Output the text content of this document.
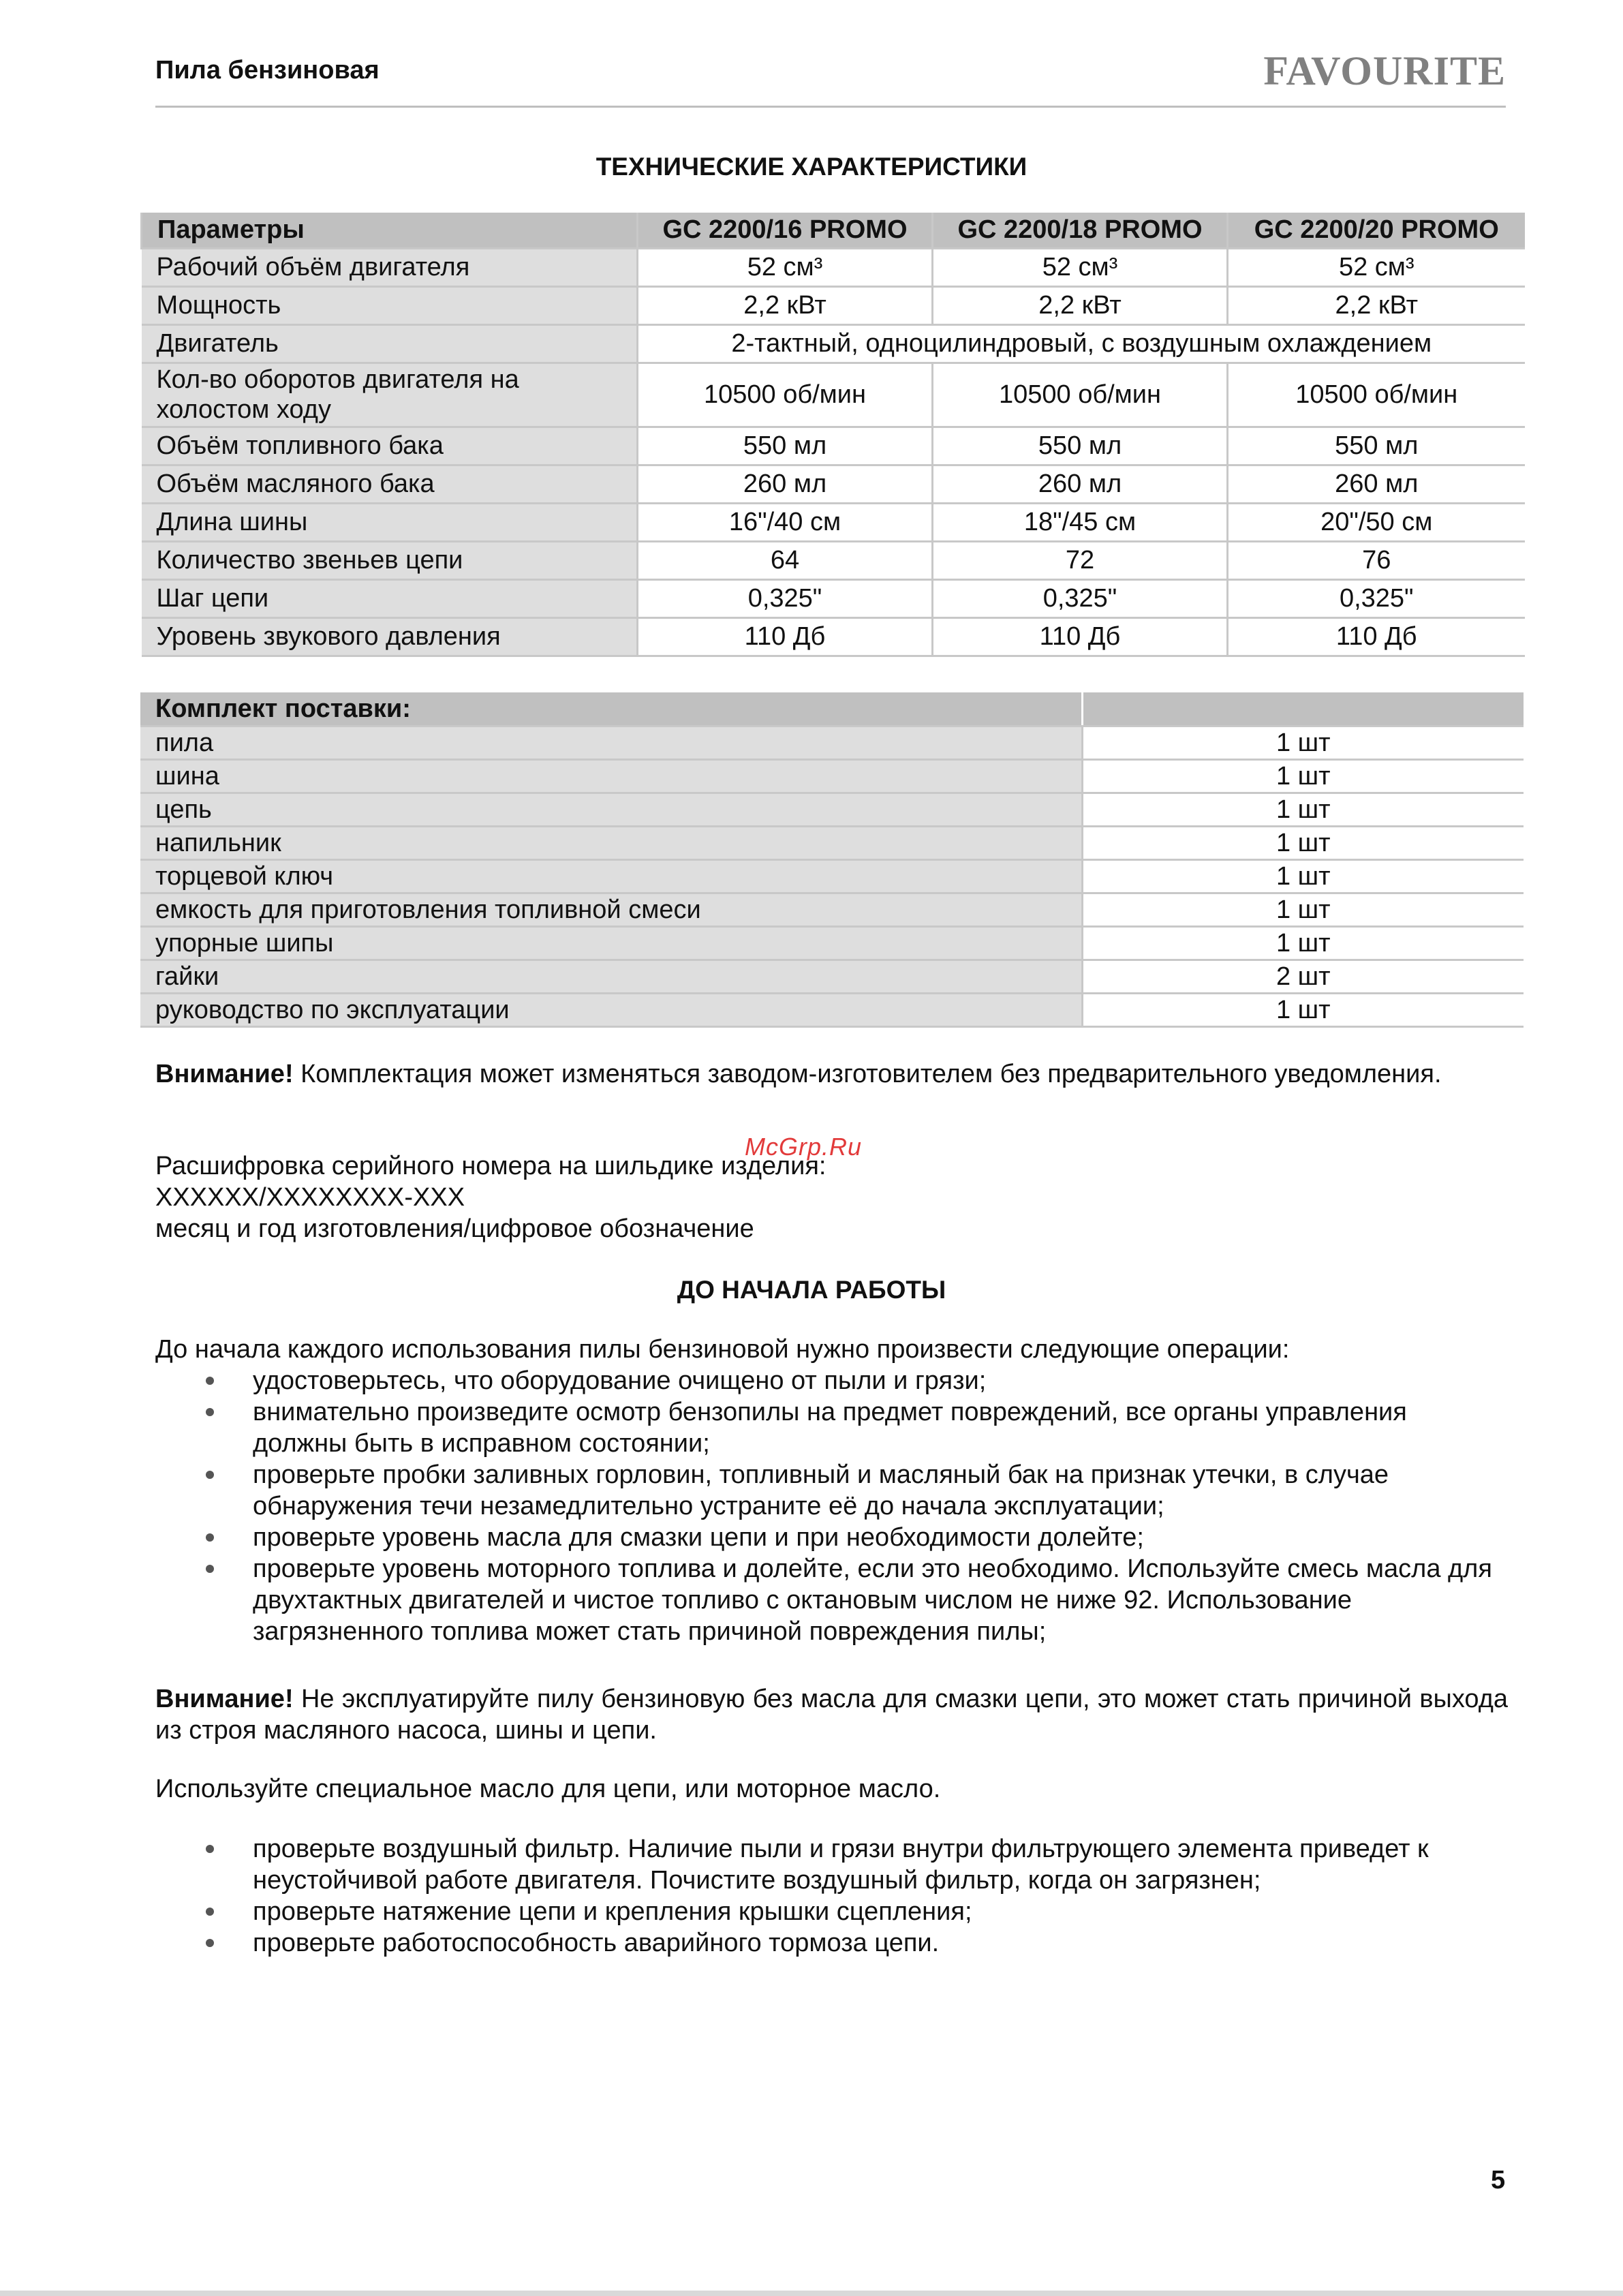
Пила бензиновая	FAVOURITE
ТЕХНИЧЕСКИЕ ХАРАКТЕРИСТИКИ
Параметры	GC 2200/16 PROMO	GC 2200/18 PROMO	GC 2200/20 PROMO
Рабочий объём двигателя	52 см³	52 см³	52 см³
Мощность	2,2 кВт	2,2 кВт	2,2 кВт
Двигатель	2-тактный, одноцилиндровый, с воздушным охлаждением		
Кол-во оборотов двигателя на холостом ходу	10500 об/мин	10500 об/мин	10500 об/мин
Объём топливного бака	550 мл	550 мл	550 мл
Объём масляного бака	260 мл	260 мл	260 мл
Длина шины	16"/40 см	18"/45 см	20"/50 см
Количество звеньев цепи	64	72	76
Шаг цепи	0,325"	0,325"	0,325"
Уровень звукового давления	110 Дб	110 Дб	110 Дб
Комплект поставки:	
пила	1 шт
шина	1 шт
цепь	1 шт
напильник	1 шт
торцевой ключ	1 шт
емкость для приготовления топливной смеси	1 шт
упорные шипы	1 шт
гайки	2 шт
руководство по эксплуатации	1 шт
Внимание! Комплектация может изменяться заводом-изготовителем без предварительного уведомления.
Расшифровка серийного номера на шильдике изделия:
ХХХХХХ/ХХХХХХХХ-ХХХ
месяц и год изготовления/цифровое обозначение
McGrp.Ru
ДО НАЧАЛА РАБОТЫ
До начала каждого использования пилы бензиновой нужно произвести следующие операции:
удостоверьтесь, что оборудование очищено от пыли и грязи;
внимательно произведите осмотр бензопилы на предмет повреждений, все органы управления должны быть в исправном состоянии;
проверьте пробки заливных горловин, топливный и масляный бак на признак утечки, в случае обнаружения течи незамедлительно устраните её до начала эксплуатации;
проверьте уровень масла для смазки цепи и при необходимости долейте;
проверьте уровень моторного топлива и долейте, если это необходимо. Используйте смесь масла для двухтактных двигателей и чистое топливо с октановым числом не ниже 92. Использование загрязненного топлива может стать причиной повреждения пилы;
Внимание! Не эксплуатируйте пилу бензиновую без масла для смазки цепи, это может стать причиной выхода из строя масляного насоса, шины и цепи.
Используйте специальное масло для цепи, или моторное масло.
проверьте воздушный фильтр. Наличие пыли и грязи внутри фильтрующего элемента приведет к неустойчивой работе двигателя. Почистите воздушный фильтр, когда он загрязнен;
проверьте натяжение цепи и крепления крышки сцепления;
проверьте работоспособность аварийного тормоза цепи.
5
